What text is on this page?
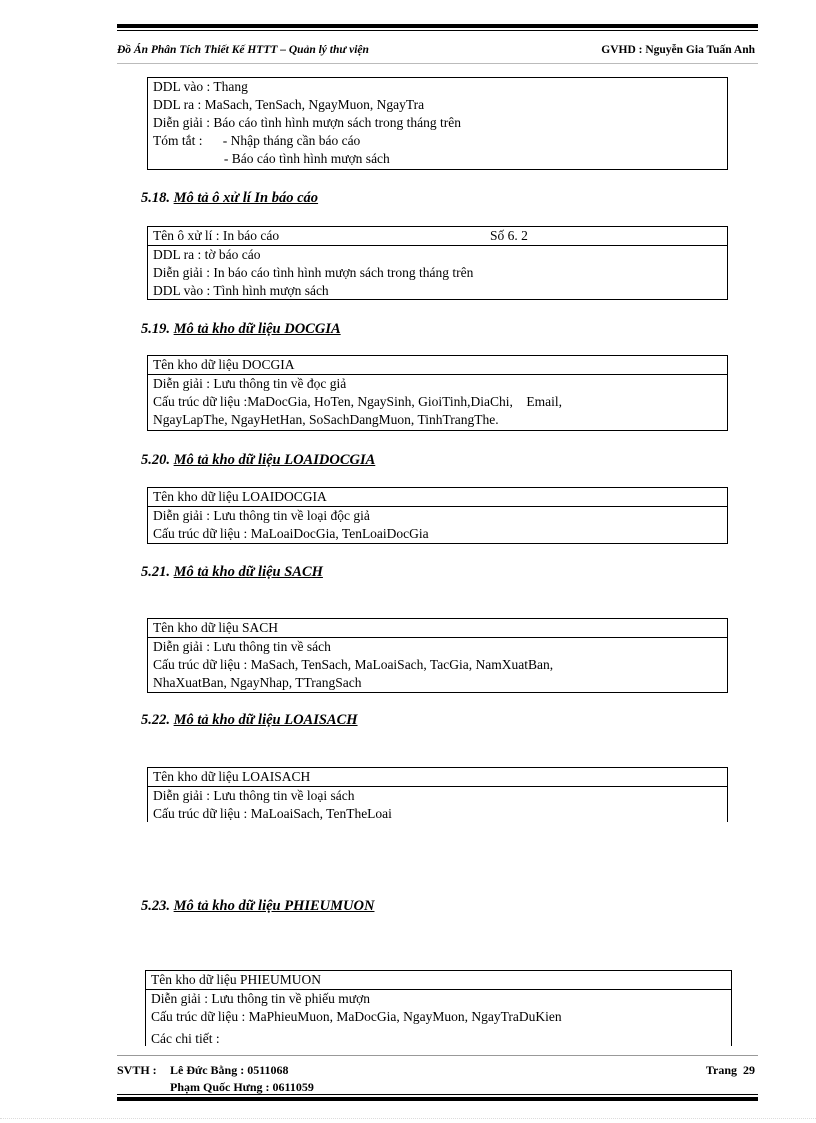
Đồ Án Phân Tích Thiết Kế HTTT – Quản lý thư viện	GVHD : Nguyễn Gia Tuấn Anh
DDL vào : Thang
DDL ra : MaSach, TenSach, NgayMuon, NgayTra
Diễn giải : Báo cáo tình hình mượn sách trong tháng trên
Tóm tắt :      - Nhập tháng cần báo cáo
- Báo cáo tình hình mượn sách
5.18. Mô tả ô xử lí In báo cáo
Tên ô xử lí : In báo cáo	Số 6. 2
DDL ra : tờ báo cáo
Diễn giải : In báo cáo tình hình mượn sách trong tháng trên
DDL vào : Tình hình mượn sách
5.19. Mô tả kho dữ liệu DOCGIA
Tên kho dữ liệu DOCGIA
Diễn giải : Lưu thông tin về đọc giả
Cấu trúc dữ liệu :MaDocGia, HoTen, NgaySinh, GioiTinh,DiaChi,    Email,
NgayLapThe, NgayHetHan, SoSachDangMuon, TinhTrangThe.
5.20. Mô tả kho dữ liệu LOAIDOCGIA
Tên kho dữ liệu LOAIDOCGIA
Diễn giải : Lưu thông tin về loại độc giả
Cấu trúc dữ liệu : MaLoaiDocGia, TenLoaiDocGia
5.21. Mô tả kho dữ liệu SACH
Tên kho dữ liệu SACH
Diễn giải : Lưu thông tin về sách
Cấu trúc dữ liệu : MaSach, TenSach, MaLoaiSach, TacGia, NamXuatBan,
NhaXuatBan, NgayNhap, TTrangSach
5.22. Mô tả kho dữ liệu LOAISACH
Tên kho dữ liệu LOAISACH
Diễn giải : Lưu thông tin về loại sách
Cấu trúc dữ liệu : MaLoaiSach, TenTheLoai
5.23. Mô tả kho dữ liệu PHIEUMUON
Tên kho dữ liệu PHIEUMUON
Diễn giải : Lưu thông tin về phiếu mượn
Cấu trúc dữ liệu : MaPhieuMuon, MaDocGia, NgayMuon, NgayTraDuKien
Các chi tiết :
SVTH : Lê Đức Bằng : 0511068
Phạm Quốc Hưng : 0611059
Trang  29
